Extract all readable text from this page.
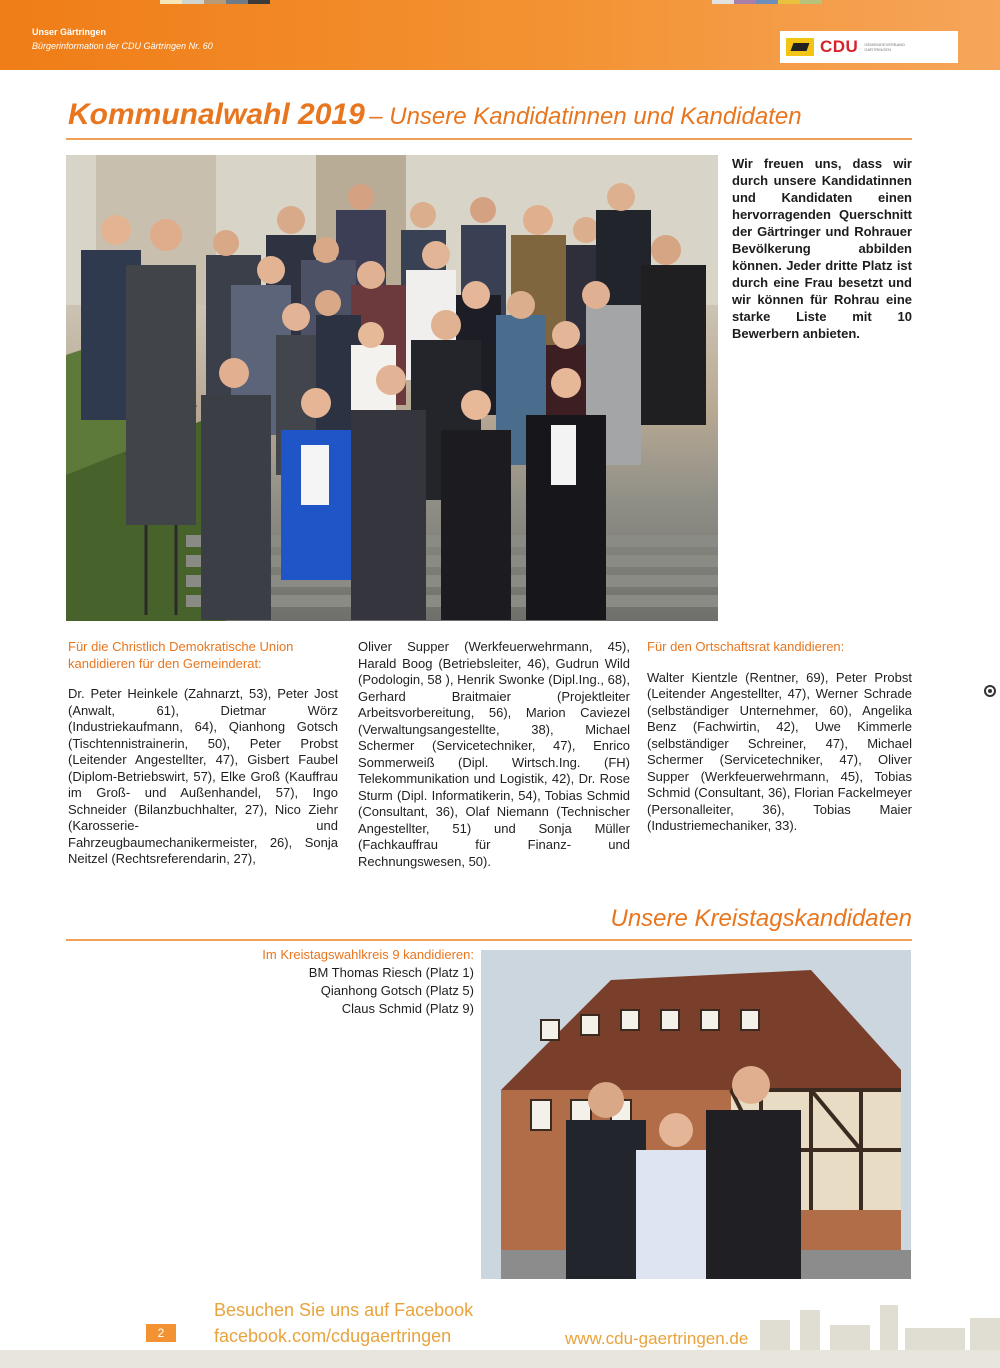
Unser Gärtringen
Bürgerinformation der CDU Gärtringen Nr. 60	CDU GEMEINDEVERBAND GÄRTRINGEN
Kommunalwahl 2019 – Unsere Kandidatinnen und Kandidaten
Wir freuen uns, dass wir durch unsere Kandidatinnen und Kandidaten einen hervorragenden Querschnitt der Gärtringer und Rohrauer Bevölkerung abbilden können. Jeder dritte Platz ist durch eine Frau besetzt und wir können für Rohrau eine starke Liste mit 10 Bewerbern anbieten.

Für die Christlich Demokratische Union kandidieren für den Gemeinderat:

Dr. Peter Heinkele (Zahnarzt, 53), Peter Jost (Anwalt, 61), Dietmar Wörz (Industriekaufmann, 64), Qianhong Gotsch (Tischtennistrainerin, 50), Peter Probst (Leitender Angestellter, 47), Gisbert Faubel (Diplom-Betriebswirt, 57), Elke Groß (Kauffrau im Groß- und Außenhandel, 57), Ingo Schneider (Bilanzbuchhalter, 27), Nico Ziehr (Karosserie- und Fahrzeugbaumechanikermeister, 26), Sonja Neitzel (Rechtsreferendarin, 27),

Oliver Supper (Werkfeuerwehrmann, 45), Harald Boog (Betriebsleiter, 46), Gudrun Wild (Podologin, 58 ), Henrik Swonke (Dipl.Ing., 68), Gerhard Braitmaier (Projektleiter Arbeitsvorbereitung, 56), Marion Caviezel (Verwaltungsangestellte, 38), Michael Schermer (Servicetechniker, 47), Enrico Sommerweiß (Dipl. Wirtsch.Ing. (FH) Telekommunikation und Logistik, 42), Dr. Rose Sturm (Dipl. Informatikerin, 54), Tobias Schmid (Consultant, 36), Olaf Niemann (Technischer Angestellter, 51) und Sonja Müller (Fachkauffrau für Finanz- und Rechnungswesen, 50).

Für den Ortschaftsrat kandidieren:

Walter Kientzle (Rentner, 69), Peter Probst (Leitender Angestellter, 47), Werner Schrade (selbständiger Unternehmer, 60), Angelika Benz (Fachwirtin, 42), Uwe Kimmerle (selbständiger Schreiner, 47), Michael Schermer (Servicetechniker, 47), Oliver Supper (Werkfeuerwehrmann, 45), Tobias Schmid (Consultant, 36), Florian Fackelmeyer (Personalleiter, 36), Tobias Maier (Industriemechaniker, 33).

Unsere Kreistagskandidaten
Im Kreistagswahlkreis 9 kandidieren:
BM Thomas Riesch (Platz 1)
Qianhong Gotsch (Platz 5)
Claus Schmid (Platz 9)
Besuchen Sie uns auf Facebook
facebook.com/cdugaertringen
2	www.cdu-gaertringen.de
